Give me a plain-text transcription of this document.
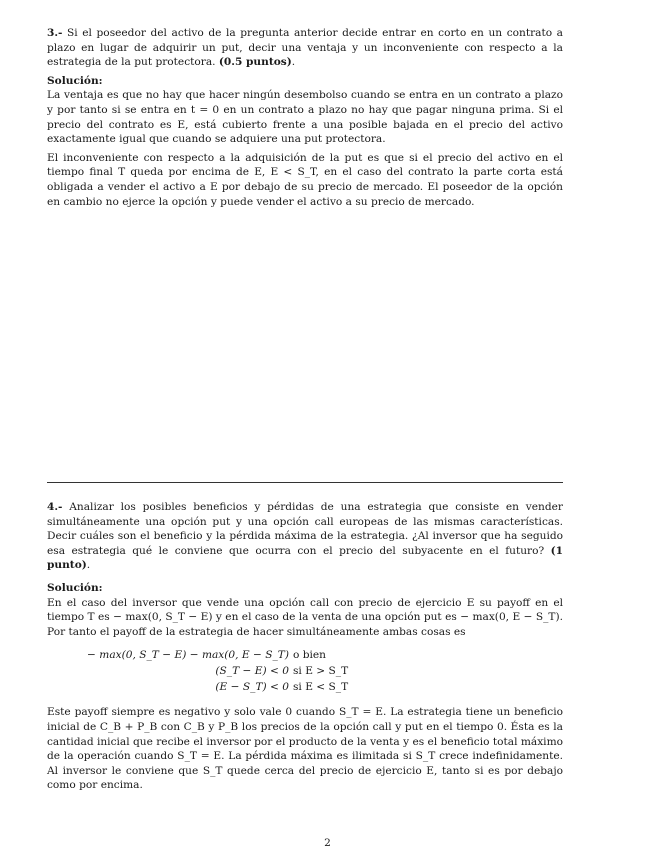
3.- Si el poseedor del activo de la pregunta anterior decide entrar en corto en un contrato a plazo en lugar de adquirir un put, decir una ventaja y un inconveniente con respecto a la estrategia de la put protectora. (0.5 puntos).

Solución:

La ventaja es que no hay que hacer ningún desembolso cuando se entra en un contrato a plazo y por tanto si se entra en t = 0 en un contrato a plazo no hay que pagar ninguna prima. Si el precio del contrato es E, está cubierto frente a una posible bajada en el precio del activo exactamente igual que cuando se adquiere una put protectora.

El inconveniente con respecto a la adquisición de la put es que si el precio del activo en el tiempo final T queda por encima de E, E < S_T, en el caso del contrato la parte corta está obligada a vender el activo a E por debajo de su precio de mercado. El poseedor de la opción en cambio no ejerce la opción y puede vender el activo a su precio de mercado.

4.- Analizar los posibles beneficios y pérdidas de una estrategia que consiste en vender simultáneamente una opción put y una opción call europeas de las mismas características. Decir cuáles son el beneficio y la pérdida máxima de la estrategia. ¿Al inversor que ha seguido esa estrategia qué le conviene que ocurra con el precio del subyacente en el futuro? (1 punto).

Solución:

En el caso del inversor que vende una opción call con precio de ejercicio E su payoff en el tiempo T es − max(0, S_T − E) y en el caso de la venta de una opción put es − max(0, E − S_T). Por tanto el payoff de la estrategia de hacer simultáneamente ambas cosas es

− max(0, S_T − E) − max(0, E − S_T) o bien
(S_T − E) < 0 si E > S_T
(E − S_T) < 0 si E < S_T

Este payoff siempre es negativo y solo vale 0 cuando S_T = E. La estrategia tiene un beneficio inicial de C_B + P_B con C_B y P_B los precios de la opción call y put en el tiempo 0. Ésta es la cantidad inicial que recibe el inversor por el producto de la venta y es el beneficio total máximo de la operación cuando S_T = E. La pérdida máxima es ilimitada si S_T crece indefinidamente. Al inversor le conviene que S_T quede cerca del precio de ejercicio E, tanto si es por debajo como por encima.

2
